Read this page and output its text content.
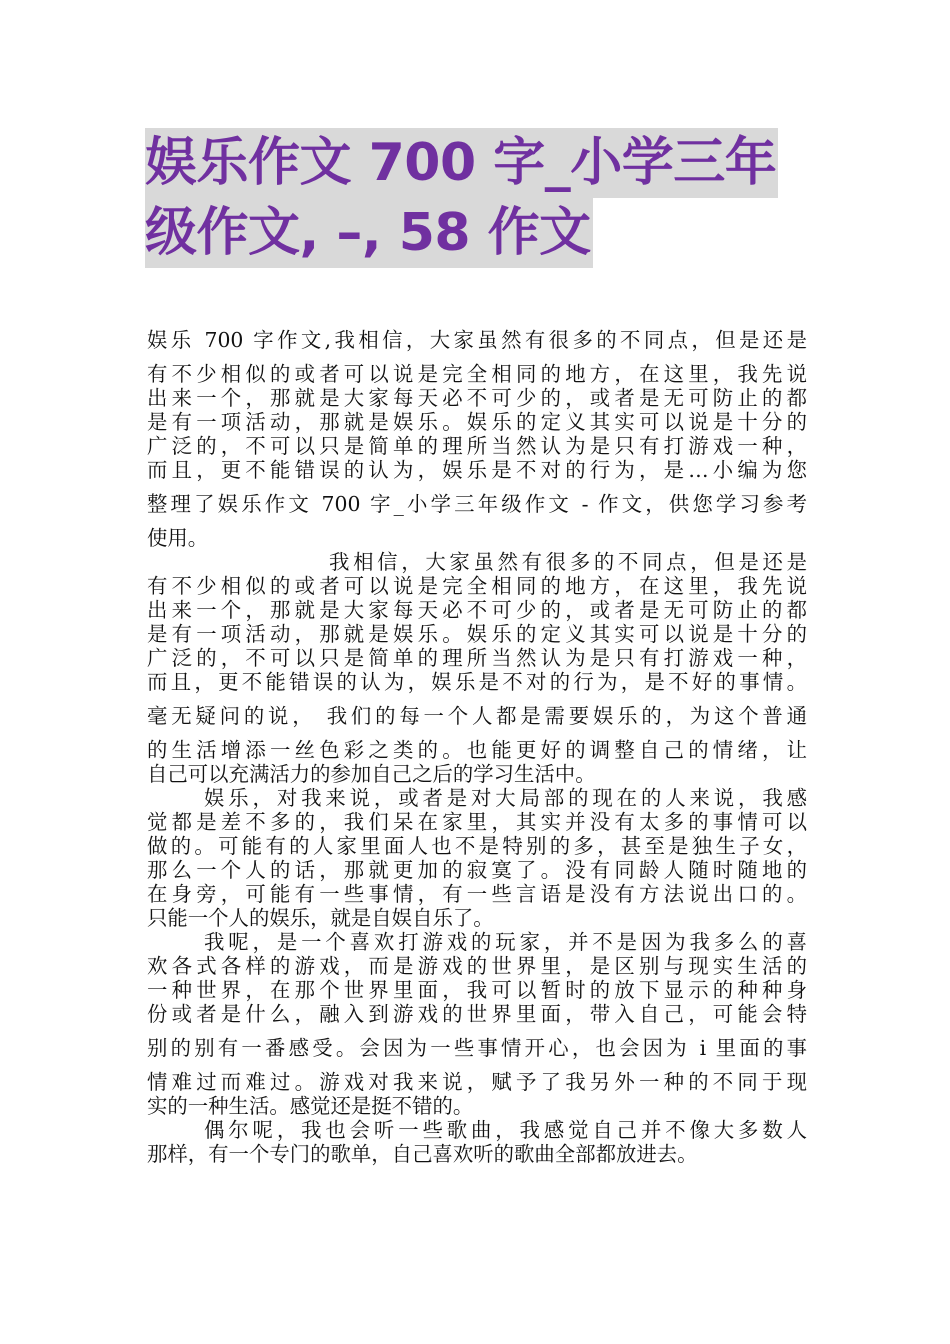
娱乐作文 700 字_小学三年
级作文, –, 58 作文
娱乐 700 字作文,我相信，大家虽然有很多的不同点，但是还是
有不少相似的或者可以说是完全相同的地方，在这里，我先说
出来一个，那就是大家每天必不可少的，或者是无可防止的都
是有一项活动，那就是娱乐。娱乐的定义其实可以说是十分的
广泛的，不可以只是简单的理所当然认为是只有打游戏一种，
而且，更不能错误的认为，娱乐是不对的行为，是…小编为您
整理了娱乐作文 700 字_小学三年级作文 - 作文，供您学习参考
使用。
我相信，大家虽然有很多的不同点，但是还是
有不少相似的或者可以说是完全相同的地方，在这里，我先说
出来一个，那就是大家每天必不可少的，或者是无可防止的都
是有一项活动，那就是娱乐。娱乐的定义其实可以说是十分的
广泛的，不可以只是简单的理所当然认为是只有打游戏一种，
而且，更不能错误的认为，娱乐是不对的行为，是不好的事情。
毫无疑问的说， 我们的每一个人都是需要娱乐的，为这个普通
的生活增添一丝色彩之类的。也能更好的调整自己的情绪，让
自己可以充满活力的参加自己之后的学习生活中。
娱乐，对我来说，或者是对大局部的现在的人来说，我感
觉都是差不多的，我们呆在家里，其实并没有太多的事情可以
做的。可能有的人家里面人也不是特别的多，甚至是独生子女，
那么一个人的话，那就更加的寂寞了。没有同龄人随时随地的
在身旁，可能有一些事情，有一些言语是没有方法说出口的。
只能一个人的娱乐，就是自娱自乐了。
我呢，是一个喜欢打游戏的玩家，并不是因为我多么的喜
欢各式各样的游戏，而是游戏的世界里，是区别与现实生活的
一种世界，在那个世界里面，我可以暂时的放下显示的种种身
份或者是什么，融入到游戏的世界里面，带入自己，可能会特
别的别有一番感受。会因为一些事情开心，也会因为 i 里面的事
情难过而难过。游戏对我来说，赋予了我另外一种的不同于现
实的一种生活。感觉还是挺不错的。
偶尔呢，我也会听一些歌曲，我感觉自己并不像大多数人
那样，有一个专门的歌单，自己喜欢听的歌曲全部都放进去。
